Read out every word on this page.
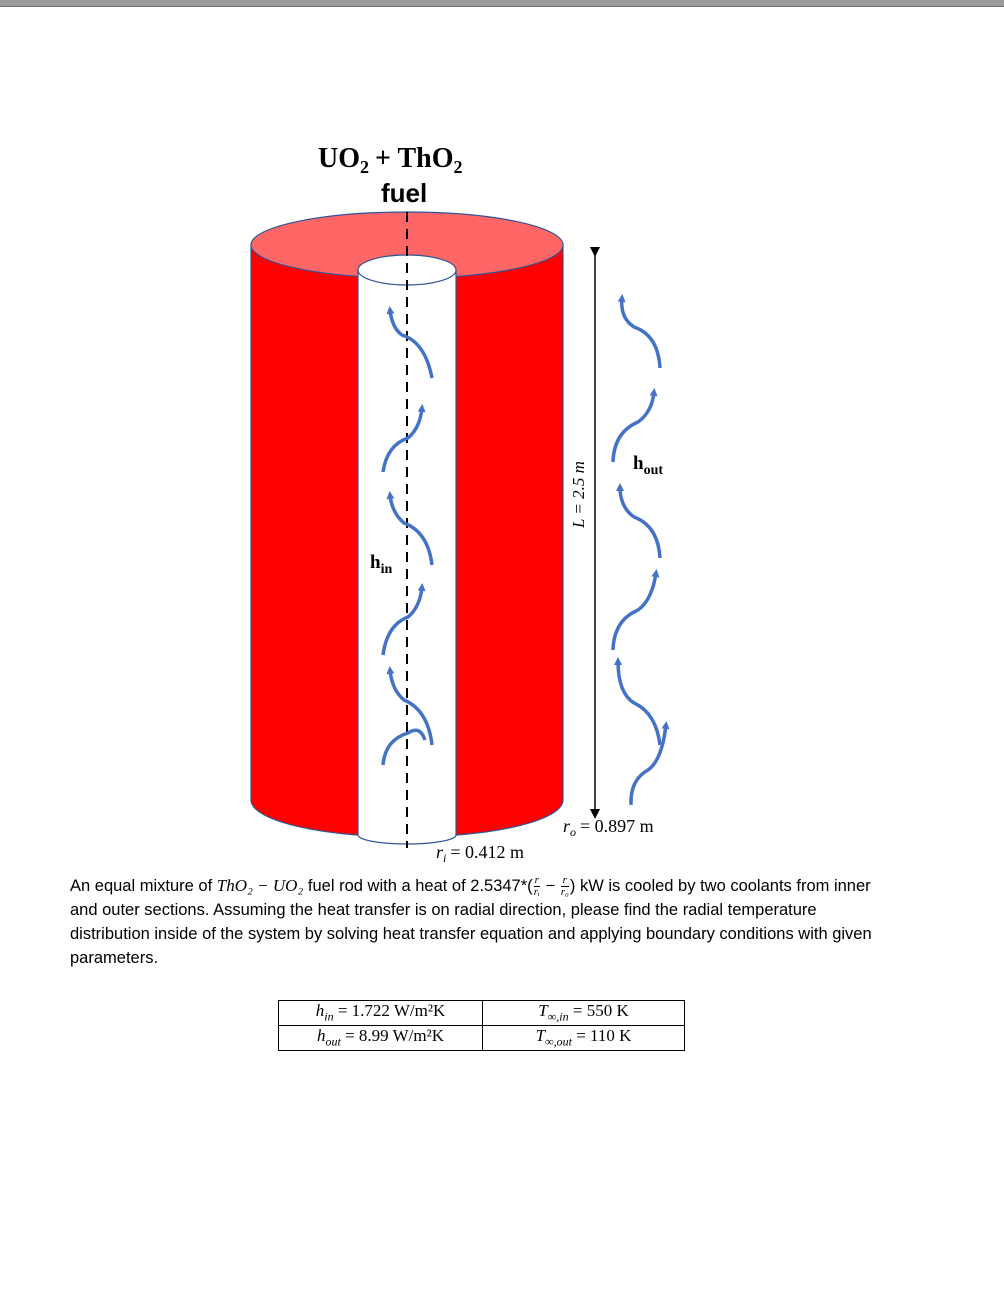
$UO_2 + ThO_2$
fuel
L = 2.5 m $h_{out}$
$h_{in}$
$r_o = 0.897$ m
$r_i = 0.412$ m

An equal mixture of ThO₂ − UO₂ fuel rod with a heat of $2.5347*( \frac{r}{\text{rᵢ}} - \frac{r}{\text{r₀}}$ ) kW is cooled by two coolants from inner and outer sections. Assuming the heat transfer is on radial direction, please find the radial temperature distribution inside of the system by solving heat transfer equation and applying boundary conditions with given parameters.

$h_{in} = 1.722$ W/m²K	$T_{\infty,in} = 550$ K
$h_{out} = 8.99$ W/m²K	$T_{\infty,out} = 110$ K
